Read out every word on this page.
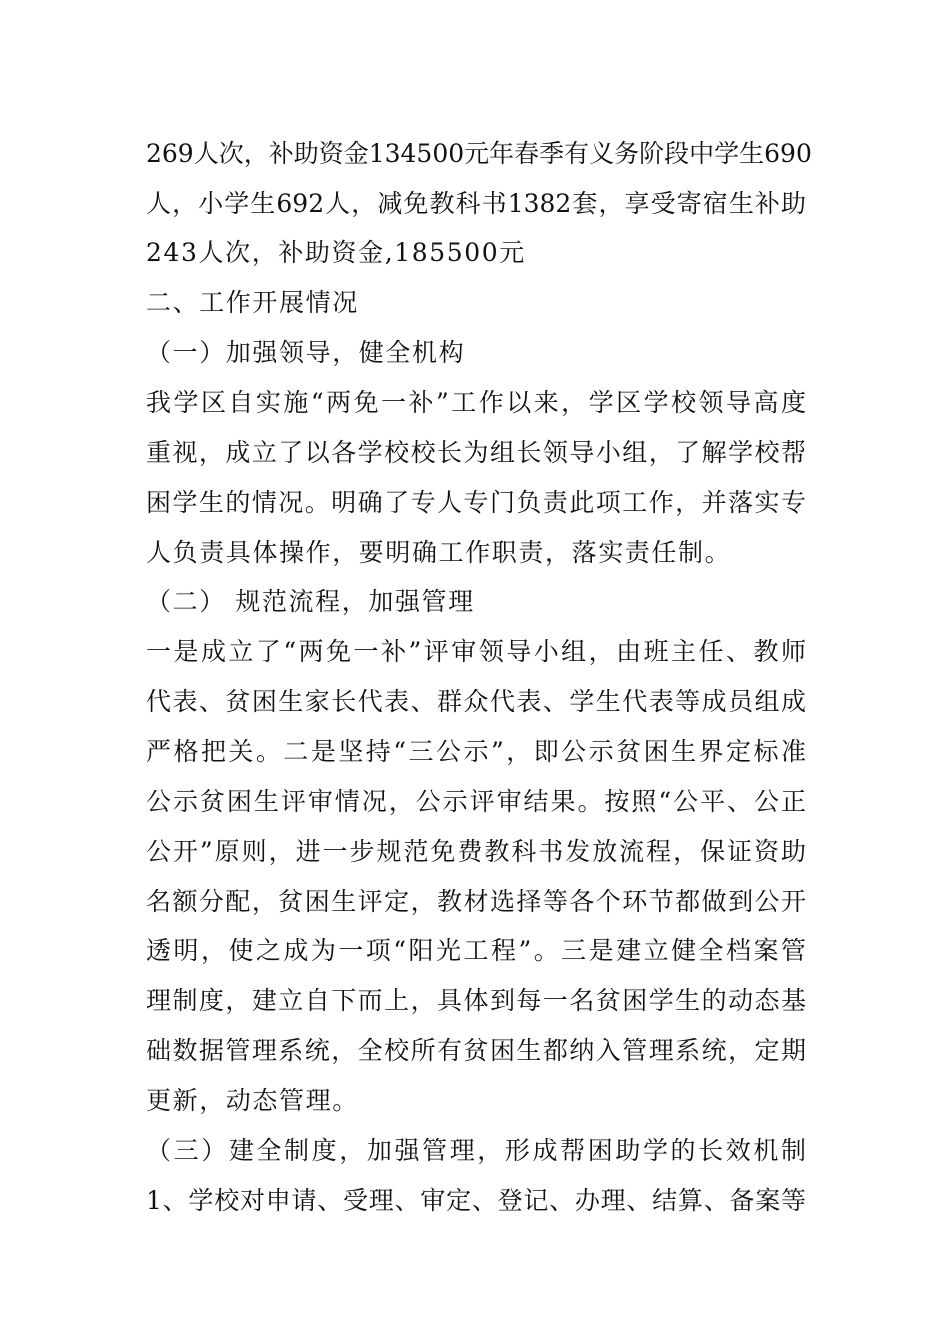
269人次，补助资金134500元年春季有义务阶段中学生690
人，小学生692人，减免教科书1382套，享受寄宿生补助
243人次，补助资金,185500元
二、工作开展情况
（一）加强领导，健全机构
我学区自实施“两免一补”工作以来，学区学校领导高度
重视，成立了以各学校校长为组长领导小组，了解学校帮
困学生的情况。明确了专人专门负责此项工作，并落实专
人负责具体操作，要明确工作职责，落实责任制。
（二） 规范流程，加强管理
一是成立了“两免一补”评审领导小组，由班主任、教师
代表、贫困生家长代表、群众代表、学生代表等成员组成
严格把关。二是坚持“三公示”，即公示贫困生界定标准
公示贫困生评审情况，公示评审结果。按照“公平、公正
公开”原则，进一步规范免费教科书发放流程，保证资助
名额分配，贫困生评定，教材选择等各个环节都做到公开
透明，使之成为一项“阳光工程”。三是建立健全档案管
理制度，建立自下而上，具体到每一名贫困学生的动态基
础数据管理系统，全校所有贫困生都纳入管理系统，定期
更新，动态管理。
（三）建全制度，加强管理，形成帮困助学的长效机制
1、学校对申请、受理、审定、登记、办理、结算、备案等
